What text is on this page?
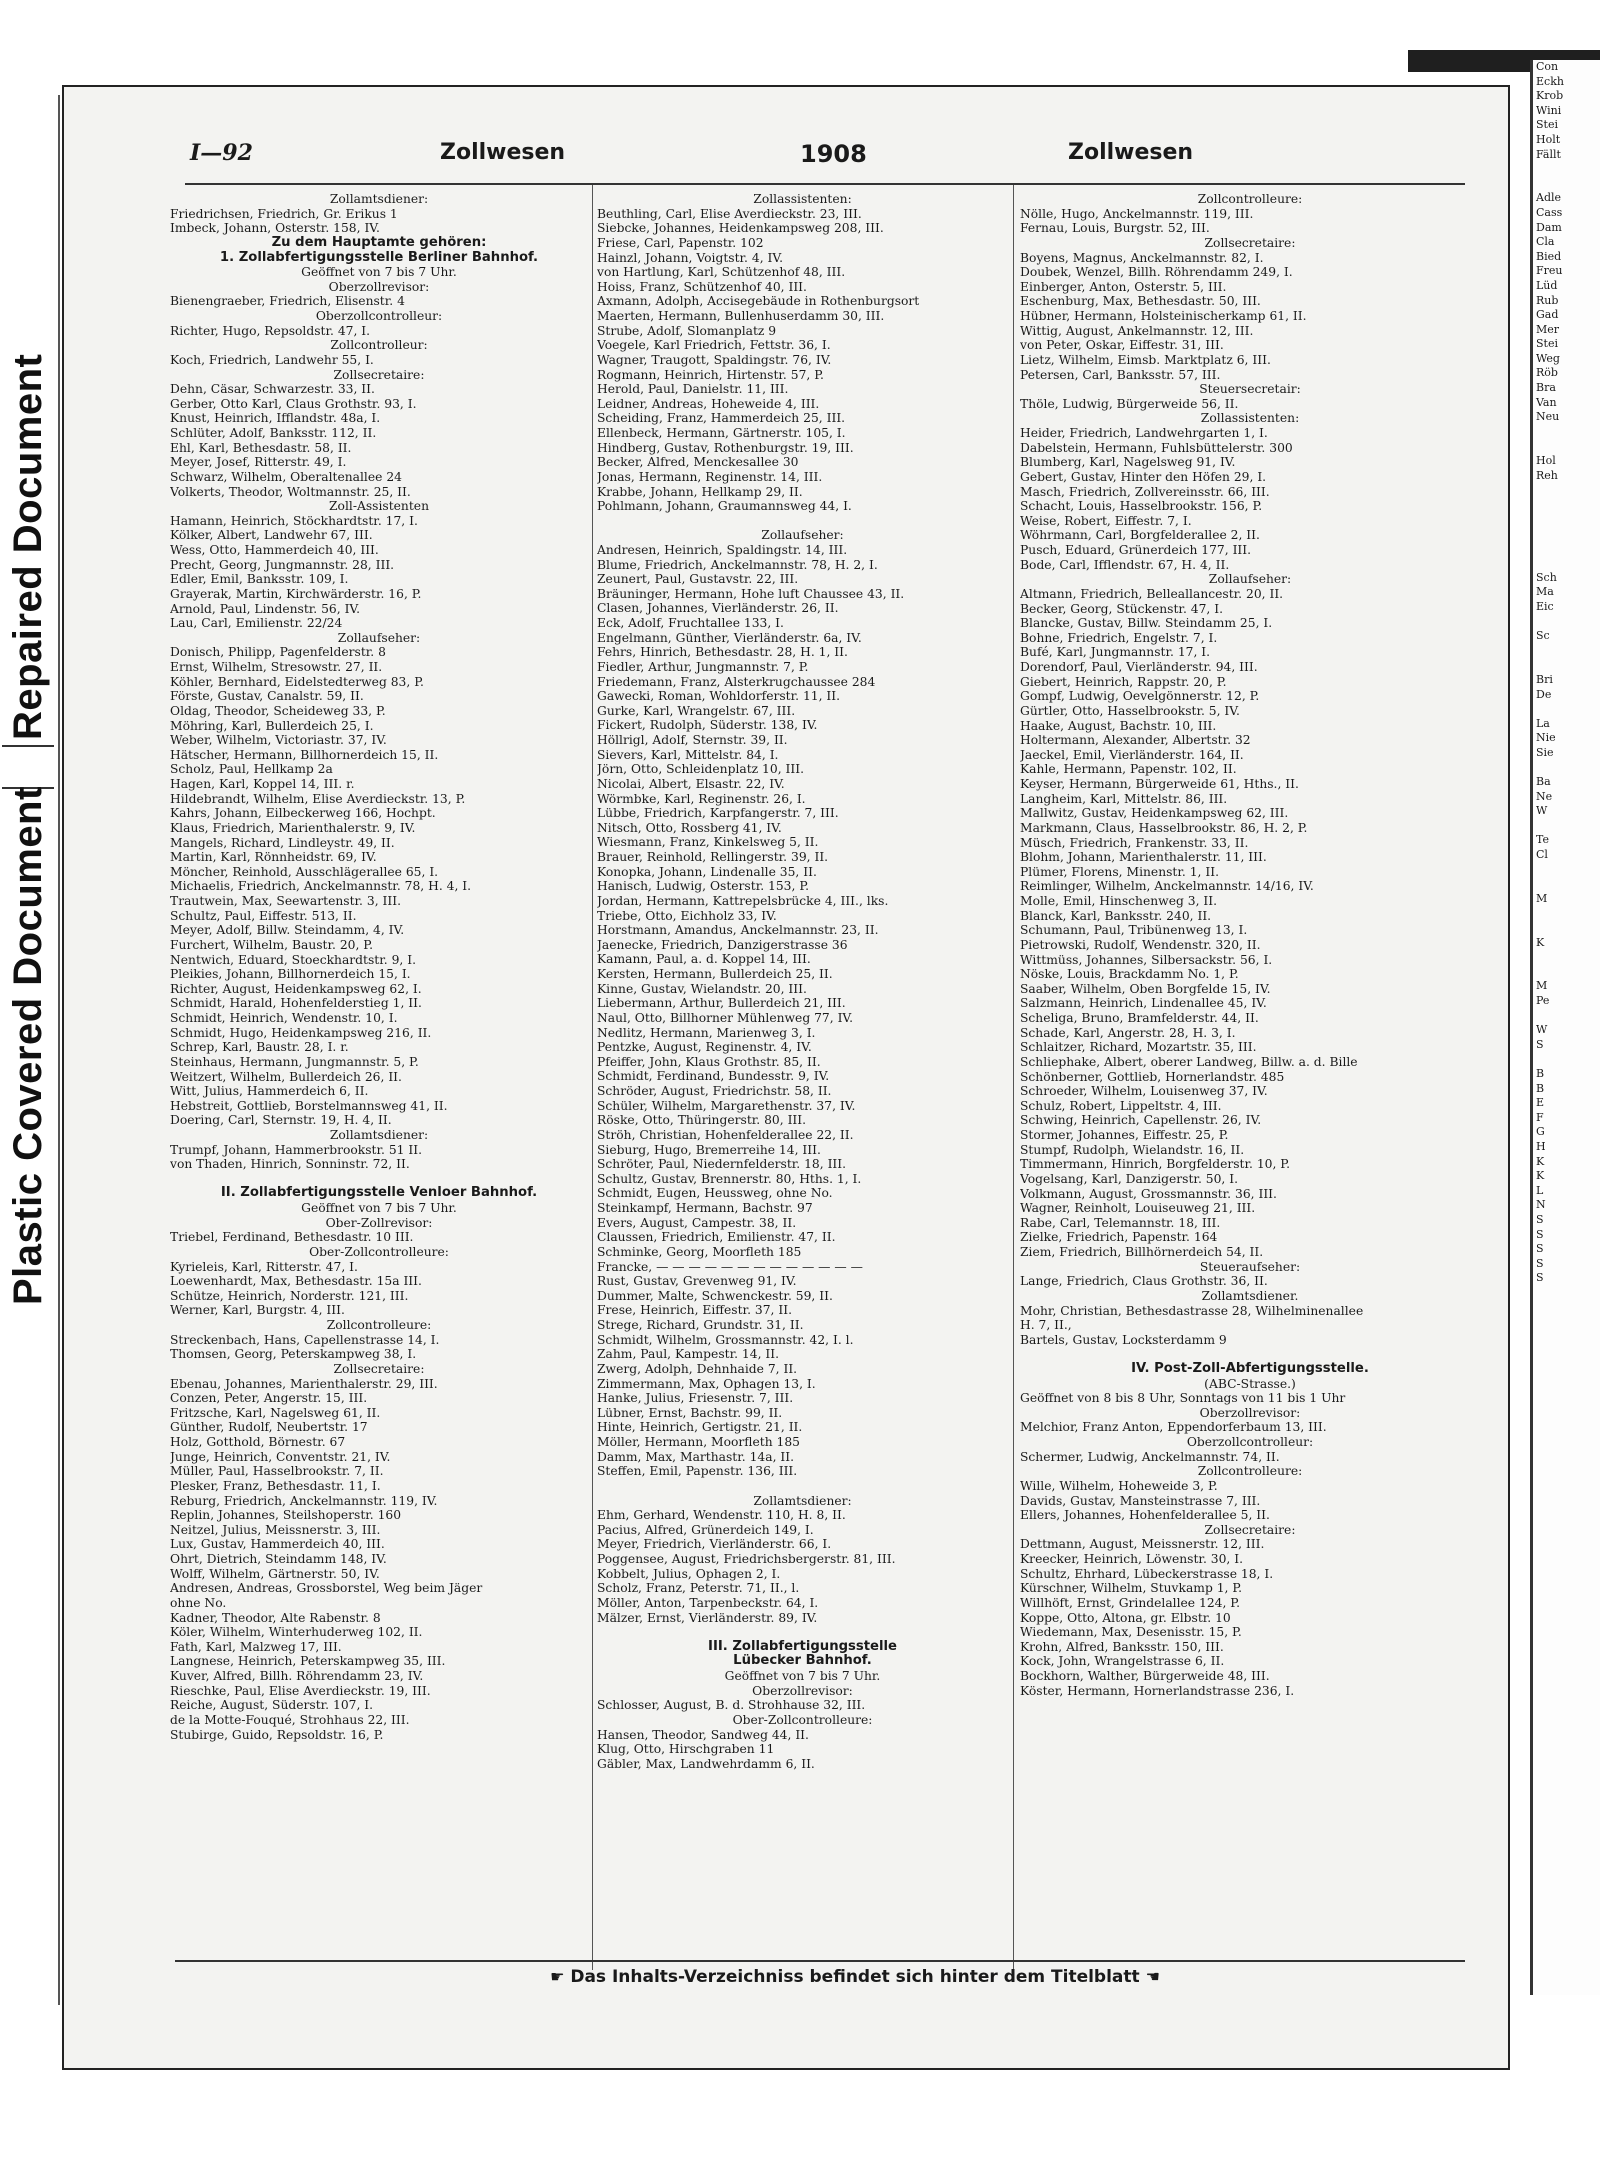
Repaired Document
Plastic Covered Document
Con
Eckh
Krob
Wini
Stei
Holt
Fällt
Adle
Cass
Dam
Cla
Bied
Freu
Lüd
Rub
Gad
Mer
Stei
Weg
Röb
Bra
Van
Neu
Hol
Reh
Sch
Ma
Eic
Sc
Bri
De
La
Nie
Sie
Ba
Ne
W
Te
Cl
M
K
M
Pe
W
S
B
B
E
F
G
H
K
K
L
N
S
S
S
S
S
I—92	Zollwesen	1908	Zollwesen
Zollamtsdiener:
Friedrichsen, Friedrich, Gr. Erikus 1
Imbeck, Johann, Osterstr. 158, IV.
Zu dem Hauptamte gehören:
1. Zollabfertigungsstelle Berliner Bahnhof.
Geöffnet von 7 bis 7 Uhr.
Oberzollrevisor:
Bienengraeber, Friedrich, Elisenstr. 4
Oberzollcontrolleur:
Richter, Hugo, Repsoldstr. 47, I.
Zollcontrolleur:
Koch, Friedrich, Landwehr 55, I.
Zollsecretaire:
Dehn, Cäsar, Schwarzestr. 33, II.
Gerber, Otto Karl, Claus Grothstr. 93, I.
Knust, Heinrich, Ifflandstr. 48a, I.
Schlüter, Adolf, Banksstr. 112, II.
Ehl, Karl, Bethesdastr. 58, II.
Meyer, Josef, Ritterstr. 49, I.
Schwarz, Wilhelm, Oberaltenallee 24
Volkerts, Theodor, Woltmannstr. 25, II.
Zoll-Assistenten
Hamann, Heinrich, Stöckhardtstr. 17, I.
Kölker, Albert, Landwehr 67, III.
Wess, Otto, Hammerdeich 40, III.
Precht, Georg, Jungmannstr. 28, III.
Edler, Emil, Banksstr. 109, I.
Grayerak, Martin, Kirchwärderstr. 16, P.
Arnold, Paul, Lindenstr. 56, IV.
Lau, Carl, Emilienstr. 22/24
Zollaufseher:
Donisch, Philipp, Pagenfelderstr. 8
Ernst, Wilhelm, Stresowstr. 27, II.
Köhler, Bernhard, Eidelstedterweg 83, P.
Förste, Gustav, Canalstr. 59, II.
Oldag, Theodor, Scheideweg 33, P.
Möhring, Karl, Bullerdeich 25, I.
Weber, Wilhelm, Victoriastr. 37, IV.
Hätscher, Hermann, Billhornerdeich 15, II.
Scholz, Paul, Hellkamp 2a
Hagen, Karl, Koppel 14, III. r.
Hildebrandt, Wilhelm, Elise Averdieckstr. 13, P.
Kahrs, Johann, Eilbeckerweg 166, Hochpt.
Klaus, Friedrich, Marienthalerstr. 9, IV.
Mangels, Richard, Lindleystr. 49, II.
Martin, Karl, Rönnheidstr. 69, IV.
Möncher, Reinhold, Ausschlägerallee 65, I.
Michaelis, Friedrich, Anckelmannstr. 78, H. 4, I.
Trautwein, Max, Seewartenstr. 3, III.
Schultz, Paul, Eiffestr. 513, II.
Meyer, Adolf, Billw. Steindamm, 4, IV.
Furchert, Wilhelm, Baustr. 20, P.
Nentwich, Eduard, Stoeckhardtstr. 9, I.
Pleikies, Johann, Billhornerdeich 15, I.
Richter, August, Heidenkampsweg 62, I.
Schmidt, Harald, Hohenfelderstieg 1, II.
Schmidt, Heinrich, Wendenstr. 10, I.
Schmidt, Hugo, Heidenkampsweg 216, II.
Schrep, Karl, Baustr. 28, I. r.
Steinhaus, Hermann, Jungmannstr. 5, P.
Weitzert, Wilhelm, Bullerdeich 26, II.
Witt, Julius, Hammerdeich 6, II.
Hebstreit, Gottlieb, Borstelmannsweg 41, II.
Doering, Carl, Sternstr. 19, H. 4, II.
Zollamtsdiener:
Trumpf, Johann, Hammerbrookstr. 51 II.
von Thaden, Hinrich, Sonninstr. 72, II.
II. Zollabfertigungsstelle Venloer Bahnhof.
Geöffnet von 7 bis 7 Uhr.
Ober-Zollrevisor:
Triebel, Ferdinand, Bethesdastr. 10 III.
Ober-Zollcontrolleure:
Kyrieleis, Karl, Ritterstr. 47, I.
Loewenhardt, Max, Bethesdastr. 15a III.
Schütze, Heinrich, Norderstr. 121, III.
Werner, Karl, Burgstr. 4, III.
Zollcontrolleure:
Streckenbach, Hans, Capellenstrasse 14, I.
Thomsen, Georg, Peterskampweg 38, I.
Zollsecretaire:
Ebenau, Johannes, Marienthalerstr. 29, III.
Conzen, Peter, Angerstr. 15, III.
Fritzsche, Karl, Nagelsweg 61, II.
Günther, Rudolf, Neubertstr. 17
Holz, Gotthold, Börnestr. 67
Junge, Heinrich, Conventstr. 21, IV.
Müller, Paul, Hasselbrookstr. 7, II.
Plesker, Franz, Bethesdastr. 11, I.
Reburg, Friedrich, Anckelmannstr. 119, IV.
Replin, Johannes, Steilshoperstr. 160
Neitzel, Julius, Meissnerstr. 3, III.
Lux, Gustav, Hammerdeich 40, III.
Ohrt, Dietrich, Steindamm 148, IV.
Wolff, Wilhelm, Gärtnerstr. 50, IV.
Andresen, Andreas, Grossborstel, Weg beim Jäger
ohne No.
Kadner, Theodor, Alte Rabenstr. 8
Köler, Wilhelm, Winterhuderweg 102, II.
Fath, Karl, Malzweg 17, III.
Langnese, Heinrich, Peterskampweg 35, III.
Kuver, Alfred, Billh. Röhrendamm 23, IV.
Rieschke, Paul, Elise Averdieckstr. 19, III.
Reiche, August, Süderstr. 107, I.
de la Motte-Fouqué, Strohhaus 22, III.
Stubirge, Guido, Repsoldstr. 16, P.
Zollassistenten:
Beuthling, Carl, Elise Averdieckstr. 23, III.
Siebcke, Johannes, Heidenkampsweg 208, III.
Friese, Carl, Papenstr. 102
Hainzl, Johann, Voigtstr. 4, IV.
von Hartlung, Karl, Schützenhof 48, III.
Hoiss, Franz, Schützenhof 40, III.
Axmann, Adolph, Accisegebäude in Rothenburgsort
Maerten, Hermann, Bullenhuserdamm 30, III.
Strube, Adolf, Slomanplatz 9
Voegele, Karl Friedrich, Fettstr. 36, I.
Wagner, Traugott, Spaldingstr. 76, IV.
Rogmann, Heinrich, Hirtenstr. 57, P.
Herold, Paul, Danielstr. 11, III.
Leidner, Andreas, Hoheweide 4, III.
Scheiding, Franz, Hammerdeich 25, III.
Ellenbeck, Hermann, Gärtnerstr. 105, I.
Hindberg, Gustav, Rothenburgstr. 19, III.
Becker, Alfred, Menckesallee 30
Jonas, Hermann, Reginenstr. 14, III.
Krabbe, Johann, Hellkamp 29, II.
Pohlmann, Johann, Graumannsweg 44, I.
Zollaufseher:
Andresen, Heinrich, Spaldingstr. 14, III.
Blume, Friedrich, Anckelmannstr. 78, H. 2, I.
Zeunert, Paul, Gustavstr. 22, III.
Bräuninger, Hermann, Hohe luft Chaussee 43, II.
Clasen, Johannes, Vierländerstr. 26, II.
Eck, Adolf, Fruchtallee 133, I.
Engelmann, Günther, Vierländerstr. 6a, IV.
Fehrs, Hinrich, Bethesdastr. 28, H. 1, II.
Fiedler, Arthur, Jungmannstr. 7, P.
Friedemann, Franz, Alsterkrugchaussee 284
Gawecki, Roman, Wohldorferstr. 11, II.
Gurke, Karl, Wrangelstr. 67, III.
Fickert, Rudolph, Süderstr. 138, IV.
Höllrigl, Adolf, Sternstr. 39, II.
Sievers, Karl, Mittelstr. 84, I.
Jörn, Otto, Schleidenplatz 10, III.
Nicolai, Albert, Elsastr. 22, IV.
Wörmbke, Karl, Reginenstr. 26, I.
Lübbe, Friedrich, Karpfangerstr. 7, III.
Nitsch, Otto, Rossberg 41, IV.
Wiesmann, Franz, Kinkelsweg 5, II.
Brauer, Reinhold, Rellingerstr. 39, II.
Konopka, Johann, Lindenalle 35, II.
Hanisch, Ludwig, Osterstr. 153, P.
Jordan, Hermann, Kattrepelsbrücke 4, III., lks.
Triebe, Otto, Eichholz 33, IV.
Horstmann, Amandus, Anckelmannstr. 23, II.
Jaenecke, Friedrich, Danzigerstrasse 36
Kamann, Paul, a. d. Koppel 14, III.
Kersten, Hermann, Bullerdeich 25, II.
Kinne, Gustav, Wielandstr. 20, III.
Liebermann, Arthur, Bullerdeich 21, III.
Naul, Otto, Billhorner Mühlenweg 77, IV.
Nedlitz, Hermann, Marienweg 3, I.
Pentzke, August, Reginenstr. 4, IV.
Pfeiffer, John, Klaus Grothstr. 85, II.
Schmidt, Ferdinand, Bundesstr. 9, IV.
Schröder, August, Friedrichstr. 58, II.
Schüler, Wilhelm, Margarethenstr. 37, IV.
Röske, Otto, Thüringerstr. 80, III.
Ströh, Christian, Hohenfelderallee 22, II.
Sieburg, Hugo, Bremerreihe 14, III.
Schröter, Paul, Niedernfelderstr. 18, III.
Schultz, Gustav, Brennerstr. 80, Hths. 1, I.
Schmidt, Eugen, Heussweg, ohne No.
Steinkampf, Hermann, Bachstr. 97
Evers, August, Campestr. 38, II.
Claussen, Friedrich, Emilienstr. 47, II.
Schminke, Georg, Moorfleth 185
Francke, — — — — — — — — — — — — —
Rust, Gustav, Grevenweg 91, IV.
Dummer, Malte, Schwenckestr. 59, II.
Frese, Heinrich, Eiffestr. 37, II.
Strege, Richard, Grundstr. 31, II.
Schmidt, Wilhelm, Grossmannstr. 42, I. l.
Zahm, Paul, Kampestr. 14, II.
Zwerg, Adolph, Dehnhaide 7, II.
Zimmermann, Max, Ophagen 13, I.
Hanke, Julius, Friesenstr. 7, III.
Lübner, Ernst, Bachstr. 99, II.
Hinte, Heinrich, Gertigstr. 21, II.
Möller, Hermann, Moorfleth 185
Damm, Max, Marthastr. 14a, II.
Steffen, Emil, Papenstr. 136, III.
Zollamtsdiener:
Ehm, Gerhard, Wendenstr. 110, H. 8, II.
Pacius, Alfred, Grünerdeich 149, I.
Meyer, Friedrich, Vierländerstr. 66, I.
Poggensee, August, Friedrichsbergerstr. 81, III.
Kobbelt, Julius, Ophagen 2, I.
Scholz, Franz, Peterstr. 71, II., l.
Möller, Anton, Tarpenbeckstr. 64, I.
Mälzer, Ernst, Vierländerstr. 89, IV.
III. Zollabfertigungsstelle
Lübecker Bahnhof.
Geöffnet von 7 bis 7 Uhr.
Oberzollrevisor:
Schlosser, August, B. d. Strohhause 32, III.
Ober-Zollcontrolleure:
Hansen, Theodor, Sandweg 44, II.
Klug, Otto, Hirschgraben 11
Gäbler, Max, Landwehrdamm 6, II.
Zollcontrolleure:
Nölle, Hugo, Anckelmannstr. 119, III.
Fernau, Louis, Burgstr. 52, III.
Zollsecretaire:
Boyens, Magnus, Anckelmannstr. 82, I.
Doubek, Wenzel, Billh. Röhrendamm 249, I.
Einberger, Anton, Osterstr. 5, III.
Eschenburg, Max, Bethesdastr. 50, III.
Hübner, Hermann, Holsteinischerkamp 61, II.
Wittig, August, Ankelmannstr. 12, III.
von Peter, Oskar, Eiffestr. 31, III.
Lietz, Wilhelm, Eimsb. Marktplatz 6, III.
Petersen, Carl, Banksstr. 57, III.
Steuersecretair:
Thöle, Ludwig, Bürgerweide 56, II.
Zollassistenten:
Heider, Friedrich, Landwehrgarten 1, I.
Dabelstein, Hermann, Fuhlsbüttelerstr. 300
Blumberg, Karl, Nagelsweg 91, IV.
Gebert, Gustav, Hinter den Höfen 29, I.
Masch, Friedrich, Zollvereinsstr. 66, III.
Schacht, Louis, Hasselbrookstr. 156, P.
Weise, Robert, Eiffestr. 7, I.
Wöhrmann, Carl, Borgfelderallee 2, II.
Pusch, Eduard, Grünerdeich 177, III.
Bode, Carl, Ifflendstr. 67, H. 4, II.
Zollaufseher:
Altmann, Friedrich, Belleallancestr. 20, II.
Becker, Georg, Stückenstr. 47, I.
Blancke, Gustav, Billw. Steindamm 25, I.
Bohne, Friedrich, Engelstr. 7, I.
Bufé, Karl, Jungmannstr. 17, I.
Dorendorf, Paul, Vierländerstr. 94, III.
Giebert, Heinrich, Rappstr. 20, P.
Gompf, Ludwig, Oevelgönnerstr. 12, P.
Gürtler, Otto, Hasselbrookstr. 5, IV.
Haake, August, Bachstr. 10, III.
Holtermann, Alexander, Albertstr. 32
Jaeckel, Emil, Vierländerstr. 164, II.
Kahle, Hermann, Papenstr. 102, II.
Keyser, Hermann, Bürgerweide 61, Hths., II.
Langheim, Karl, Mittelstr. 86, III.
Mallwitz, Gustav, Heidenkampsweg 62, III.
Markmann, Claus, Hasselbrookstr. 86, H. 2, P.
Müsch, Friedrich, Frankenstr. 33, II.
Blohm, Johann, Marienthalerstr. 11, III.
Plümer, Florens, Minenstr. 1, II.
Reimlinger, Wilhelm, Anckelmannstr. 14/16, IV.
Molle, Emil, Hinschenweg 3, II.
Blanck, Karl, Banksstr. 240, II.
Schumann, Paul, Tribünenweg 13, I.
Pietrowski, Rudolf, Wendenstr. 320, II.
Wittmüss, Johannes, Silbersackstr. 56, I.
Nöske, Louis, Brackdamm No. 1, P.
Saaber, Wilhelm, Oben Borgfelde 15, IV.
Salzmann, Heinrich, Lindenallee 45, IV.
Scheliga, Bruno, Bramfelderstr. 44, II.
Schade, Karl, Angerstr. 28, H. 3, I.
Schlaitzer, Richard, Mozartstr. 35, III.
Schliephake, Albert, oberer Landweg, Billw. a. d. Bille
Schönberner, Gottlieb, Hornerlandstr. 485
Schroeder, Wilhelm, Louisenweg 37, IV.
Schulz, Robert, Lippeltstr. 4, III.
Schwing, Heinrich, Capellenstr. 26, IV.
Stormer, Johannes, Eiffestr. 25, P.
Stumpf, Rudolph, Wielandstr. 16, II.
Timmermann, Hinrich, Borgfelderstr. 10, P.
Vogelsang, Karl, Danzigerstr. 50, I.
Volkmann, August, Grossmannstr. 36, III.
Wagner, Reinholt, Louiseuweg 21, III.
Rabe, Carl, Telemannstr. 18, III.
Zielke, Friedrich, Papenstr. 164
Ziem, Friedrich, Billhörnerdeich 54, II.
Steueraufseher:
Lange, Friedrich, Claus Grothstr. 36, II.
Zollamtsdiener.
Mohr, Christian, Bethesdastrasse 28, Wilhelminenallee
H. 7, II.,
Bartels, Gustav, Locksterdamm 9
IV. Post-Zoll-Abfertigungsstelle.
(ABC-Strasse.)
Geöffnet von 8 bis 8 Uhr, Sonntags von 11 bis 1 Uhr
Oberzollrevisor:
Melchior, Franz Anton, Eppendorferbaum 13, III.
Oberzollcontrolleur:
Schermer, Ludwig, Anckelmannstr. 74, II.
Zollcontrolleure:
Wille, Wilhelm, Hoheweide 3, P.
Davids, Gustav, Mansteinstrasse 7, III.
Ellers, Johannes, Hohenfelderallee 5, II.
Zollsecretaire:
Dettmann, August, Meissnerstr. 12, III.
Kreecker, Heinrich, Löwenstr. 30, I.
Schultz, Ehrhard, Lübeckerstrasse 18, I.
Kürschner, Wilhelm, Stuvkamp 1, P.
Willhöft, Ernst, Grindelallee 124, P.
Koppe, Otto, Altona, gr. Elbstr. 10
Wiedemann, Max, Desenisstr. 15, P.
Krohn, Alfred, Banksstr. 150, III.
Kock, John, Wrangelstrasse 6, II.
Bockhorn, Walther, Bürgerweide 48, III.
Köster, Hermann, Hornerlandstrasse 236, I.
☛ Das Inhalts-Verzeichniss befindet sich hinter dem Titelblatt ☚
